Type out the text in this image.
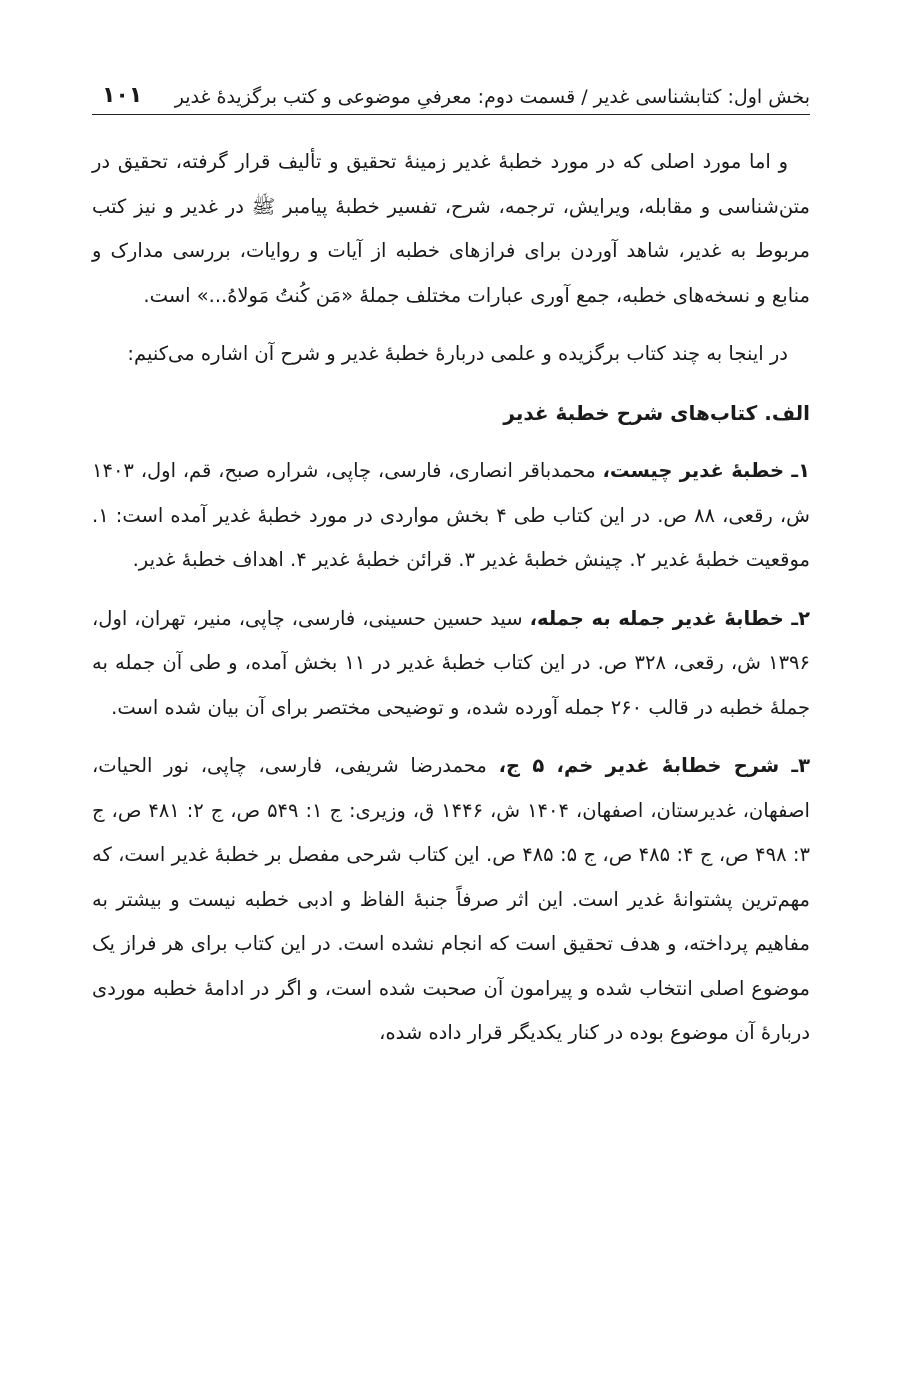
بخش اول: کتابشناسی غدیر / قسمت دوم: معرفیِ موضوعی و کتب برگزیدۀ غدیر
۱۰۱

و اما مورد اصلی که در مورد خطبۀ غدیر زمینۀ تحقیق و تألیف قرار گرفته، تحقیق در متن‌شناسی و مقابله، ویرایش، ترجمه، شرح، تفسیر خطبۀ پیامبر ﷺ در غدیر و نیز کتب مربوط به غدیر، شاهد آوردن برای فرازهای خطبه از آیات و روایات، بررسی مدارک و منابع و نسخه‌های خطبه، جمع آوری عبارات مختلف جملۀ «مَن کُنتُ مَولاهُ...» است.

در اینجا به چند کتاب برگزیده و علمی دربارۀ خطبۀ غدیر و شرح آن اشاره می‌کنیم:

الف. کتاب‌های شرح خطبۀ غدیر

۱ـ خطبۀ غدیر چیست، محمدباقر انصاری، فارسی، چاپی، شراره صبح، قم، اول، ۱۴۰۳ ش، رقعی، ۸۸ ص. در این کتاب طی ۴ بخش مواردی در مورد خطبۀ غدیر آمده است: ۱. موقعیت خطبۀ غدیر ۲. چینش خطبۀ غدیر ۳. قرائن خطبۀ غدیر ۴. اهداف خطبۀ غدیر.

۲ـ خطابۀ غدیر جمله به جمله، سید حسین حسینی، فارسی، چاپی، منیر، تهران، اول، ۱۳۹۶ ش، رقعی، ۳۲۸ ص. در این کتاب خطبۀ غدیر در ۱۱ بخش آمده، و طی آن جمله به جملۀ خطبه در قالب ۲۶۰ جمله آورده شده، و توضیحی مختصر برای آن بیان شده است.

۳ـ شرح خطابۀ غدیر خم، ۵ ج، محمدرضا شریفی، فارسی، چاپی، نور الحیات، اصفهان، غدیرستان، اصفهان، ۱۴۰۴ ش، ۱۴۴۶ ق، وزیری: ج ۱: ۵۴۹ ص، ج ۲: ۴۸۱ ص، ج ۳: ۴۹۸ ص، ج ۴: ۴۸۵ ص، ج ۵: ۴۸۵ ص. این کتاب شرحی مفصل بر خطبۀ غدیر است، که مهم‌ترین پشتوانۀ غدیر است. این اثر صرفاً جنبۀ الفاظ و ادبی خطبه نیست و بیشتر به مفاهیم پرداخته، و هدف تحقیق است که انجام نشده است. در این کتاب برای هر فراز یک موضوع اصلی انتخاب شده و پیرامون آن صحبت شده است، و اگر در ادامۀ خطبه موردی دربارۀ آن موضوع بوده در کنار یکدیگر قرار داده شده،
